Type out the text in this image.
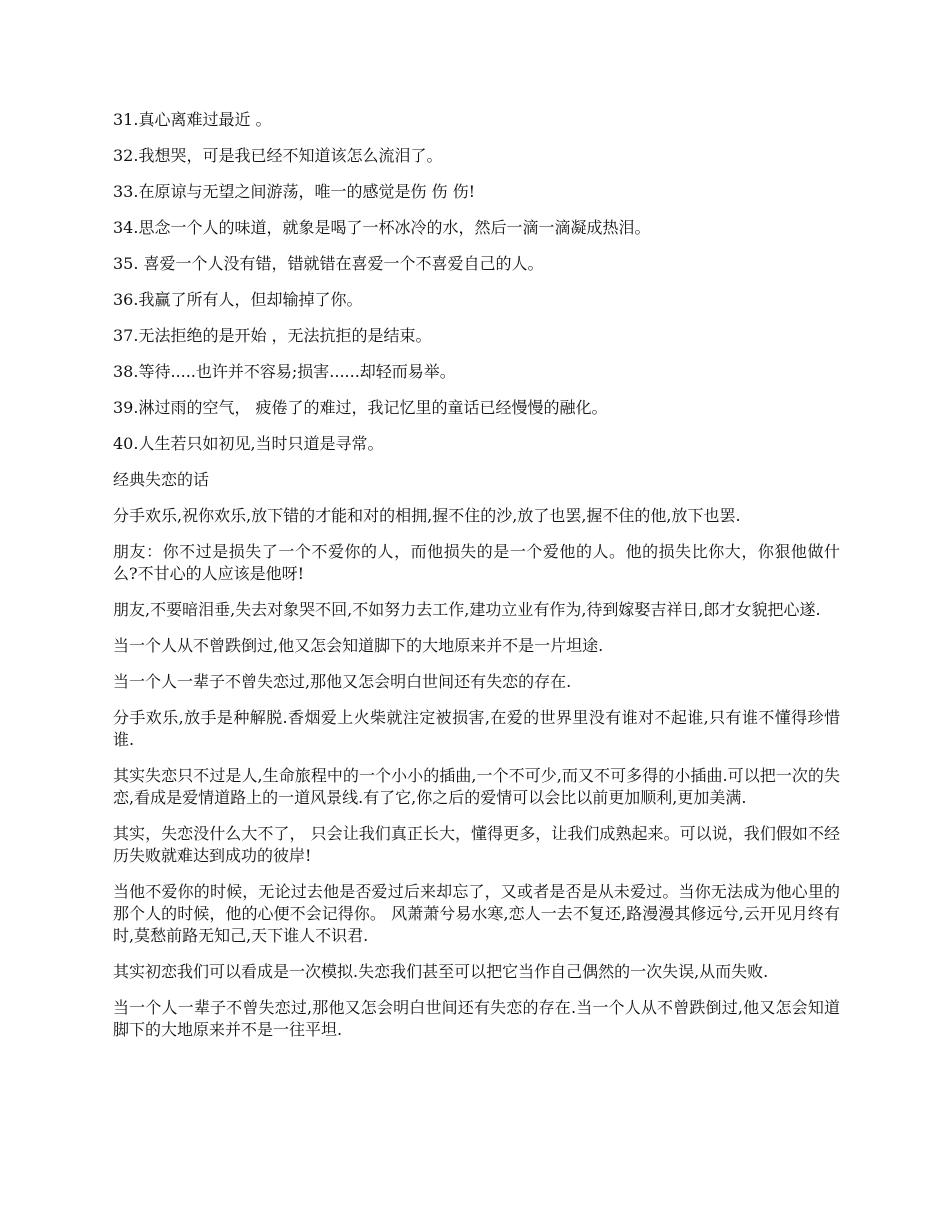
31.真心离难过最近 。
32.我想哭，可是我已经不知道该怎么流泪了。
33.在原谅与无望之间游荡，唯一的感觉是伤 伤 伤!
34.思念一个人的味道，就象是喝了一杯冰冷的水，然后一滴一滴凝成热泪。
35. 喜爱一个人没有错，错就错在喜爱一个不喜爱自己的人。
36.我赢了所有人，但却输掉了你。
37.无法拒绝的是开始 ，无法抗拒的是结束。
38.等待.....也许并不容易;损害......却轻而易举。
39.淋过雨的空气， 疲倦了的难过，我记忆里的童话已经慢慢的融化。
40.人生若只如初见,当时只道是寻常。
经典失恋的话
分手欢乐,祝你欢乐,放下错的才能和对的相拥,握不住的沙,放了也罢,握不住的他,放下也罢.
朋友：你不过是损失了一个不爱你的人，而他损失的是一个爱他的人。他的损失比你大，你狠他做什么?不甘心的人应该是他呀!
朋友,不要暗泪垂,失去对象哭不回,不如努力去工作,建功立业有作为,待到嫁娶吉祥日,郎才女貌把心遂.
当一个人从不曾跌倒过,他又怎会知道脚下的大地原来并不是一片坦途.
当一个人一辈子不曾失恋过,那他又怎会明白世间还有失恋的存在.
分手欢乐,放手是种解脱.香烟爱上火柴就注定被损害,在爱的世界里没有谁对不起谁,只有谁不懂得珍惜谁.
其实失恋只不过是人,生命旅程中的一个小小的插曲,一个不可少,而又不可多得的小插曲.可以把一次的失恋,看成是爱情道路上的一道风景线.有了它,你之后的爱情可以会比以前更加顺利,更加美满.
其实，失恋没什么大不了， 只会让我们真正长大，懂得更多，让我们成熟起来。可以说，我们假如不经历失败就难达到成功的彼岸!
当他不爱你的时候，无论过去他是否爱过后来却忘了，又或者是否是从未爱过。当你无法成为他心里的那个人的时候，他的心便不会记得你。 风萧萧兮易水寒,恋人一去不复还,路漫漫其修远兮,云开见月终有时,莫愁前路无知己,天下谁人不识君.
其实初恋我们可以看成是一次模拟.失恋我们甚至可以把它当作自己偶然的一次失误,从而失败.
当一个人一辈子不曾失恋过,那他又怎会明白世间还有失恋的存在.当一个人从不曾跌倒过,他又怎会知道脚下的大地原来并不是一往平坦.
